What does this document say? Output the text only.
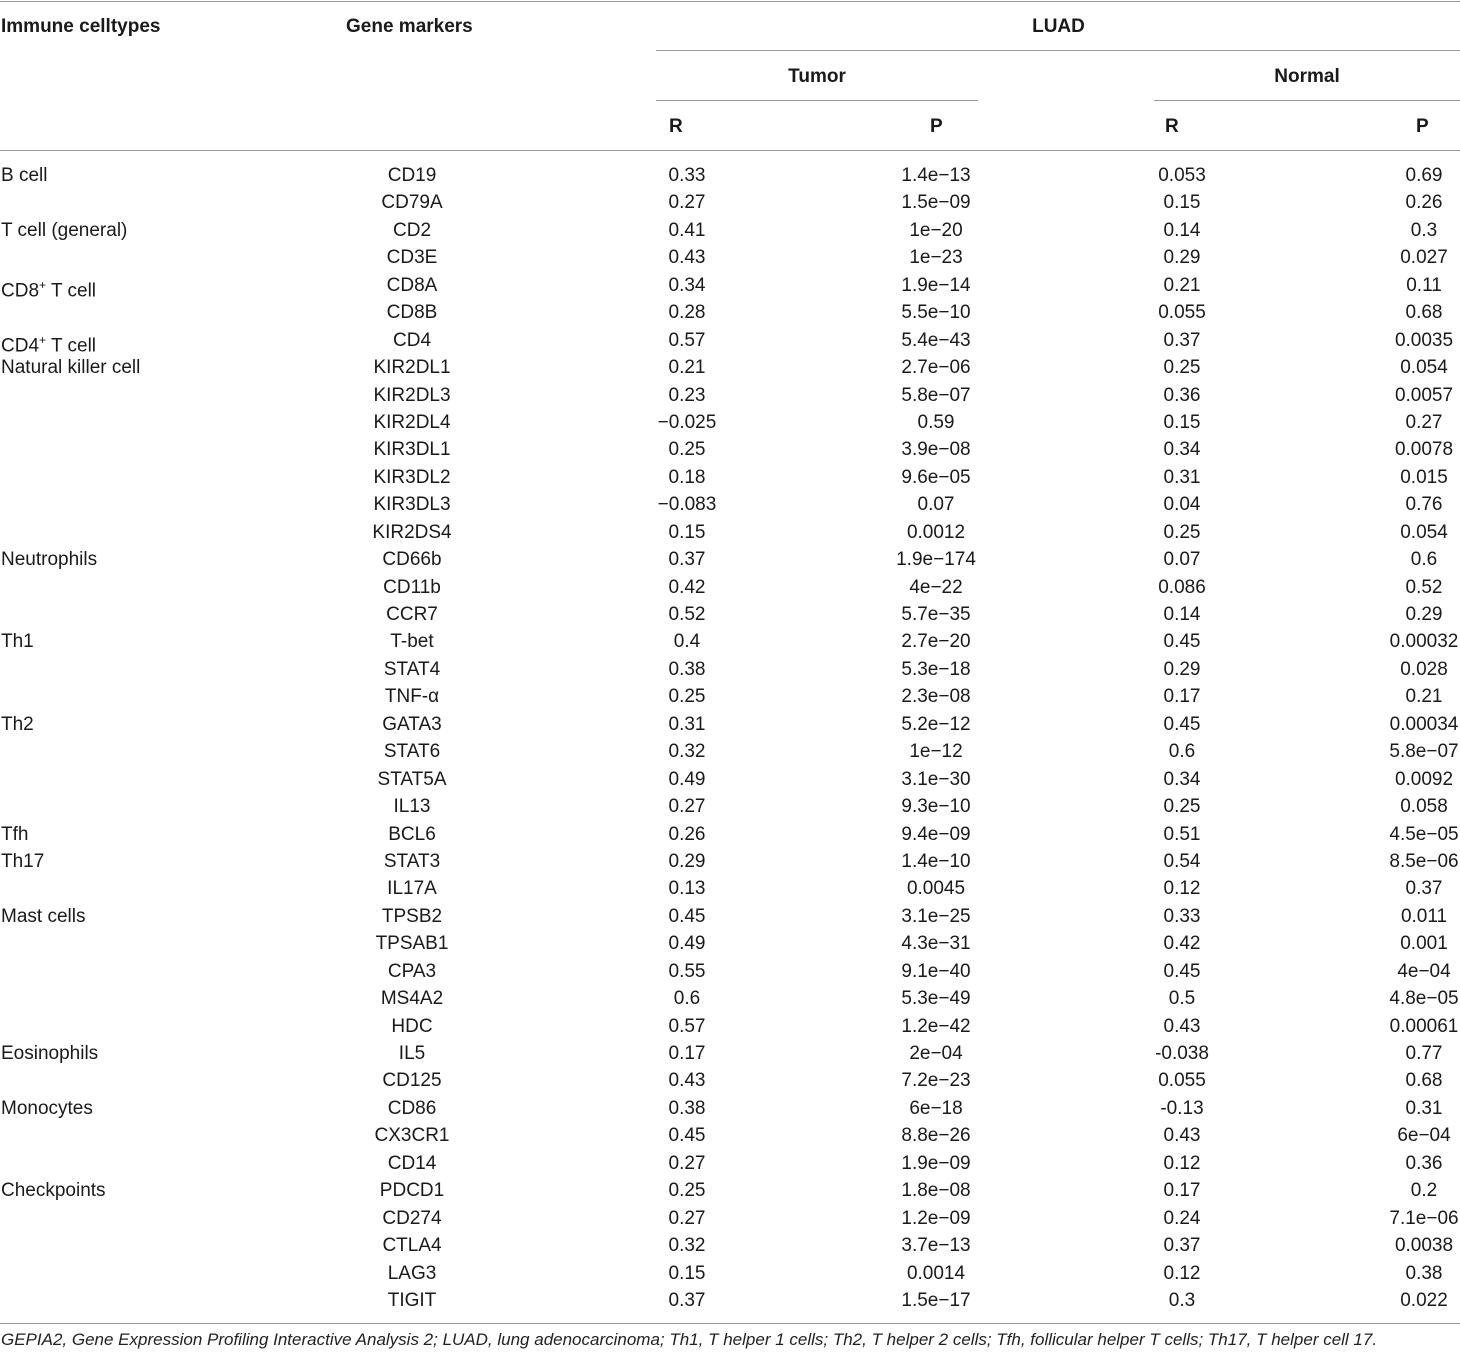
Immune celltypes	Gene markers	LUAD
Tumor	Normal
R	P	R	P
B cell	CD19	0.33	1.4e−13	0.053	0.69
CD79A	0.27	1.5e−09	0.15	0.26
T cell (general)	CD2	0.41	1e−20	0.14	0.3
CD3E	0.43	1e−23	0.29	0.027
CD8+ T cell	CD8A	0.34	1.9e−14	0.21	0.11
CD8B	0.28	5.5e−10	0.055	0.68
CD4+ T cell	CD4	0.57	5.4e−43	0.37	0.0035
Natural killer cell	KIR2DL1	0.21	2.7e−06	0.25	0.054
KIR2DL3	0.23	5.8e−07	0.36	0.0057
KIR2DL4	−0.025	0.59	0.15	0.27
KIR3DL1	0.25	3.9e−08	0.34	0.0078
KIR3DL2	0.18	9.6e−05	0.31	0.015
KIR3DL3	−0.083	0.07	0.04	0.76
KIR2DS4	0.15	0.0012	0.25	0.054
Neutrophils	CD66b	0.37	1.9e−174	0.07	0.6
CD11b	0.42	4e−22	0.086	0.52
CCR7	0.52	5.7e−35	0.14	0.29
Th1	T-bet	0.4	2.7e−20	0.45	0.00032
STAT4	0.38	5.3e−18	0.29	0.028
TNF-α	0.25	2.3e−08	0.17	0.21
Th2	GATA3	0.31	5.2e−12	0.45	0.00034
STAT6	0.32	1e−12	0.6	5.8e−07
STAT5A	0.49	3.1e−30	0.34	0.0092
IL13	0.27	9.3e−10	0.25	0.058
Tfh	BCL6	0.26	9.4e−09	0.51	4.5e−05
Th17	STAT3	0.29	1.4e−10	0.54	8.5e−06
IL17A	0.13	0.0045	0.12	0.37
Mast cells	TPSB2	0.45	3.1e−25	0.33	0.011
TPSAB1	0.49	4.3e−31	0.42	0.001
CPA3	0.55	9.1e−40	0.45	4e−04
MS4A2	0.6	5.3e−49	0.5	4.8e−05
HDC	0.57	1.2e−42	0.43	0.00061
Eosinophils	IL5	0.17	2e−04	-0.038	0.77
CD125	0.43	7.2e−23	0.055	0.68
Monocytes	CD86	0.38	6e−18	-0.13	0.31
CX3CR1	0.45	8.8e−26	0.43	6e−04
CD14	0.27	1.9e−09	0.12	0.36
Checkpoints	PDCD1	0.25	1.8e−08	0.17	0.2
CD274	0.27	1.2e−09	0.24	7.1e−06
CTLA4	0.32	3.7e−13	0.37	0.0038
LAG3	0.15	0.0014	0.12	0.38
TIGIT	0.37	1.5e−17	0.3	0.022
GEPIA2, Gene Expression Profiling Interactive Analysis 2; LUAD, lung adenocarcinoma; Th1, T helper 1 cells; Th2, T helper 2 cells; Tfh, follicular helper T cells; Th17, T helper cell 17.
